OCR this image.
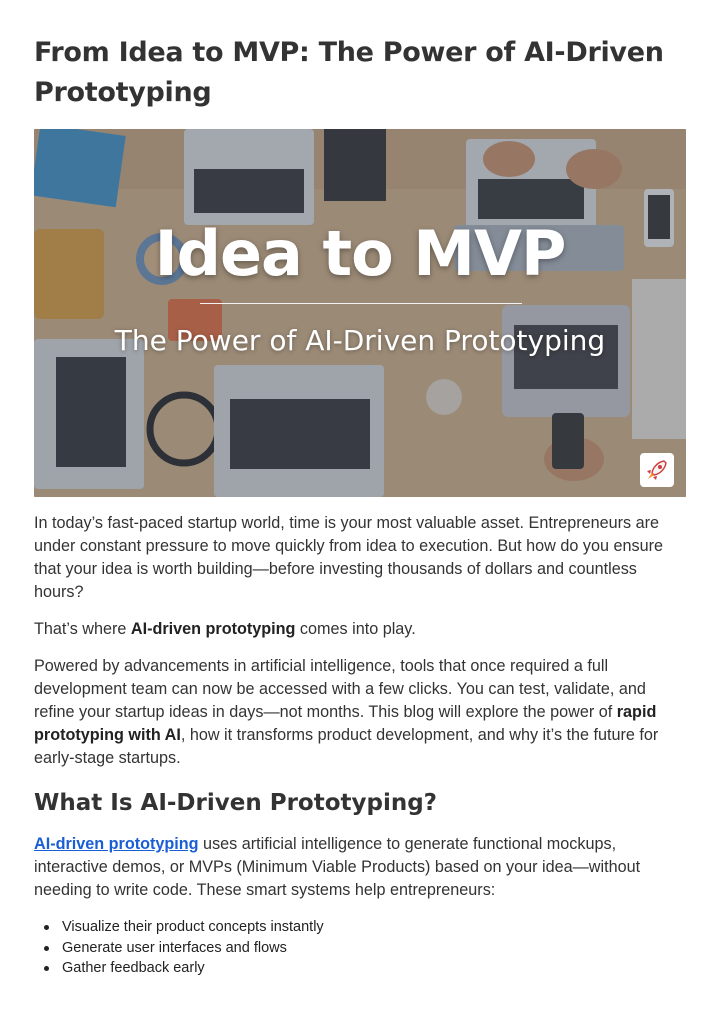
From Idea to MVP: The Power of AI-Driven Prototyping
Idea to MVP
The Power of AI-Driven Prototyping

In today’s fast-paced startup world, time is your most valuable asset. Entrepreneurs are under constant pressure to move quickly from idea to execution. But how do you ensure that your idea is worth building—before investing thousands of dollars and countless hours?

That’s where AI-driven prototyping comes into play.

Powered by advancements in artificial intelligence, tools that once required a full development team can now be accessed with a few clicks. You can test, validate, and refine your startup ideas in days—not months. This blog will explore the power of rapid prototyping with AI, how it transforms product development, and why it’s the future for early-stage startups.

What Is AI-Driven Prototyping?

AI-driven prototyping uses artificial intelligence to generate functional mockups, interactive demos, or MVPs (Minimum Viable Products) based on your idea—without needing to write code. These smart systems help entrepreneurs:

Visualize their product concepts instantly
Generate user interfaces and flows
Gather feedback early
